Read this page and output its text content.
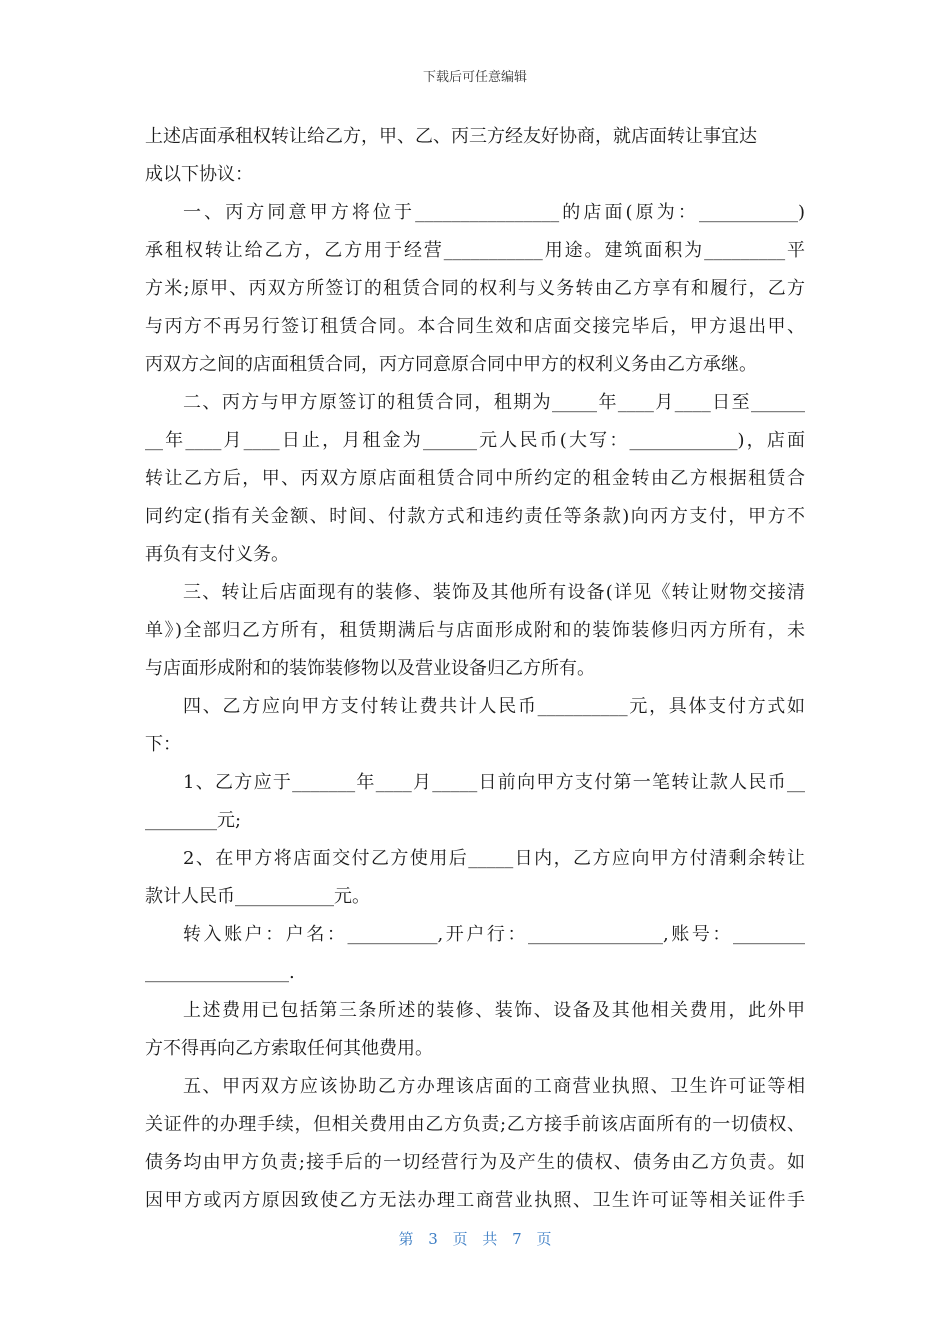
下载后可任意编辑
上述店面承租权转让给乙方，甲、乙、丙三方经友好协商，就店面转让事宜达
成以下协议：
一、丙方同意甲方将位于________________的店面(原为：___________)
承租权转让给乙方，乙方用于经营___________用途。建筑面积为_________平
方米;原甲、丙双方所签订的租赁合同的权利与义务转由乙方享有和履行，乙方
与丙方不再另行签订租赁合同。本合同生效和店面交接完毕后，甲方退出甲、
丙双方之间的店面租赁合同，丙方同意原合同中甲方的权利义务由乙方承继。
二、丙方与甲方原签订的租赁合同，租期为_____年____月____日至______
__年____月____日止，月租金为______元人民币(大写：____________)，店面
转让乙方后，甲、丙双方原店面租赁合同中所约定的租金转由乙方根据租赁合
同约定(指有关金额、时间、付款方式和违约责任等条款)向丙方支付，甲方不
再负有支付义务。
三、转让后店面现有的装修、装饰及其他所有设备(详见《转让财物交接清
单》)全部归乙方所有，租赁期满后与店面形成附和的装饰装修归丙方所有，未
与店面形成附和的装饰装修物以及营业设备归乙方所有。
四、乙方应向甲方支付转让费共计人民币__________元，具体支付方式如
下：
1、乙方应于_______年____月_____日前向甲方支付第一笔转让款人民币__
________元;
2、在甲方将店面交付乙方使用后_____日内，乙方应向甲方付清剩余转让
款计人民币___________元。
转入账户：户名：__________,开户行：_______________,账号：________
________________.
上述费用已包括第三条所述的装修、装饰、设备及其他相关费用，此外甲
方不得再向乙方索取任何其他费用。
五、甲丙双方应该协助乙方办理该店面的工商营业执照、卫生许可证等相
关证件的办理手续，但相关费用由乙方负责;乙方接手前该店面所有的一切债权、
债务均由甲方负责;接手后的一切经营行为及产生的债权、债务由乙方负责。如
因甲方或丙方原因致使乙方无法办理工商营业执照、卫生许可证等相关证件手
第 3 页 共 7 页
